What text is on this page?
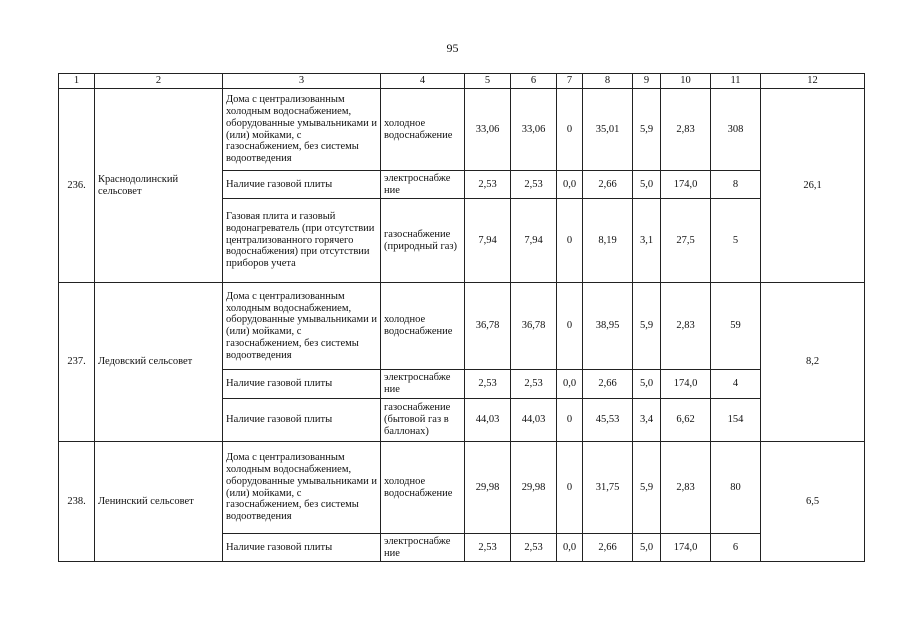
95
1	2	3	4	5	6	7	8	9	10	11	12
236.	Краснодолинский сельсовет	Дома с централизованным холодным водоснабжением, оборудованные умывальниками и (или) мойками, с газоснабжением, без системы водоотведения	холодное водоснабжение	33,06	33,06	0	35,01	5,9	2,83	308	26,1
		Наличие газовой плиты	электроснабже ние	2,53	2,53	0,0	2,66	5,0	174,0	8	
		Газовая плита и газовый водонагреватель (при отсутствии централизованного горячего водоснабжения) при отсутствии приборов учета	газоснабжение (природный газ)	7,94	7,94	0	8,19	3,1	27,5	5	
237.	Ледовский сельсовет	Дома с централизованным холодным водоснабжением, оборудованные умывальниками и (или) мойками, с газоснабжением, без системы водоотведения	холодное водоснабжение	36,78	36,78	0	38,95	5,9	2,83	59	8,2
		Наличие газовой плиты	электроснабже ние	2,53	2,53	0,0	2,66	5,0	174,0	4	
		Наличие газовой плиты	газоснабжение (бытовой газ в баллонах)	44,03	44,03	0	45,53	3,4	6,62	154	
238.	Ленинский сельсовет	Дома с централизованным холодным водоснабжением, оборудованные умывальниками и (или) мойками, с газоснабжением, без системы водоотведения	холодное водоснабжение	29,98	29,98	0	31,75	5,9	2,83	80	6,5
		Наличие газовой плиты	электроснабже ние	2,53	2,53	0,0	2,66	5,0	174,0	6	
